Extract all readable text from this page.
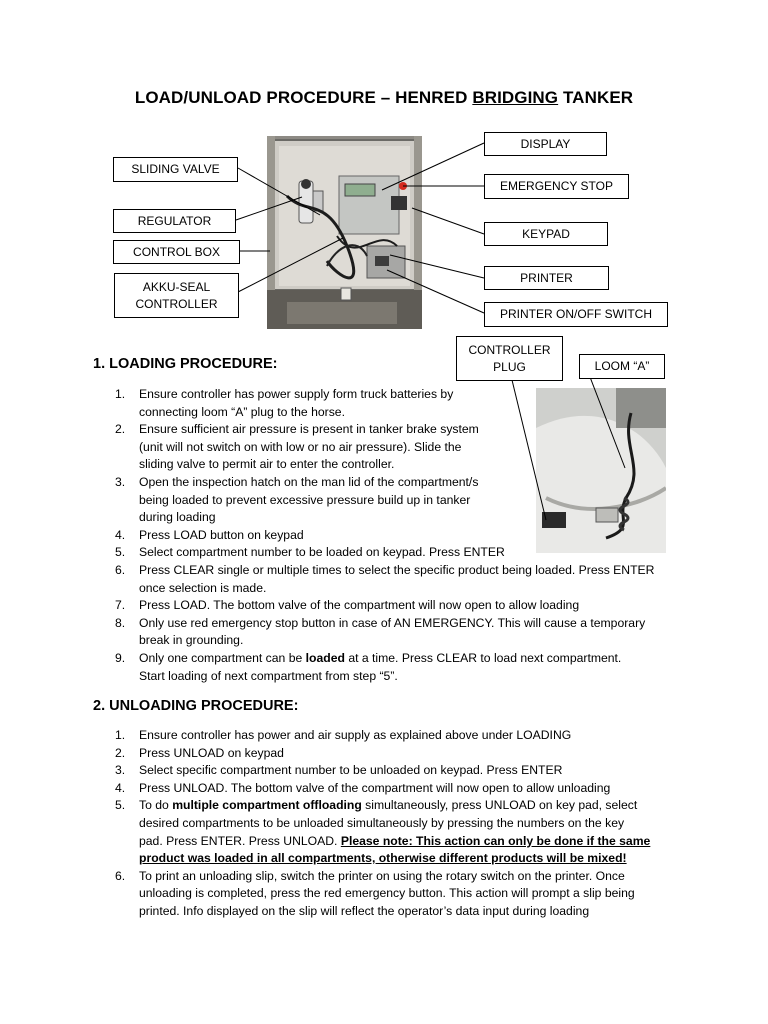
LOAD/UNLOAD PROCEDURE – HENRED BRIDGING TANKER
SLIDING VALVE
REGULATOR
CONTROL BOX
AKKU-SEAL
CONTROLLER
DISPLAY
EMERGENCY STOP
KEYPAD
PRINTER
PRINTER ON/OFF SWITCH
CONTROLLER
PLUG	LOOM “A”
1. LOADING PROCEDURE:
1.	Ensure controller has power supply form truck batteries by
connecting loom “A” plug to the horse.
2.	Ensure sufficient air pressure is present in tanker brake system
(unit will not switch on with low or no air pressure). Slide the
sliding valve to permit air to enter the controller.
3.	Open the inspection hatch on the man lid of the compartment/s
being loaded to prevent excessive pressure build up in tanker
during loading
4.	Press LOAD button on keypad
5.	Select compartment number to be loaded on keypad. Press ENTER
6.	Press CLEAR single or multiple times to select the specific product being loaded. Press ENTER
once selection is made.
7.	Press LOAD. The bottom valve of the compartment will now open to allow loading
8.	Only use red emergency stop button in case of AN EMERGENCY. This will cause a temporary
break in grounding.
9.	Only one compartment can be loaded at a time. Press CLEAR to load next compartment.
Start loading of next compartment from step “5”.
2. UNLOADING PROCEDURE:
1.	Ensure controller has power and air supply as explained above under LOADING
2.	Press UNLOAD on keypad
3.	Select specific compartment number to be unloaded on keypad. Press ENTER
4.	Press UNLOAD. The bottom valve of the compartment will now open to allow unloading
5.	To do multiple compartment offloading simultaneously, press UNLOAD on key pad, select
desired compartments to be unloaded simultaneously by pressing the numbers on the key
pad. Press ENTER. Press UNLOAD. Please note: This action can only be done if the same
product was loaded in all compartments, otherwise different products will be mixed!
6.	To print an unloading slip, switch the printer on using the rotary switch on the printer. Once
unloading is completed, press the red emergency button. This action will prompt a slip being
printed. Info displayed on the slip will reflect the operator’s data input during loading
